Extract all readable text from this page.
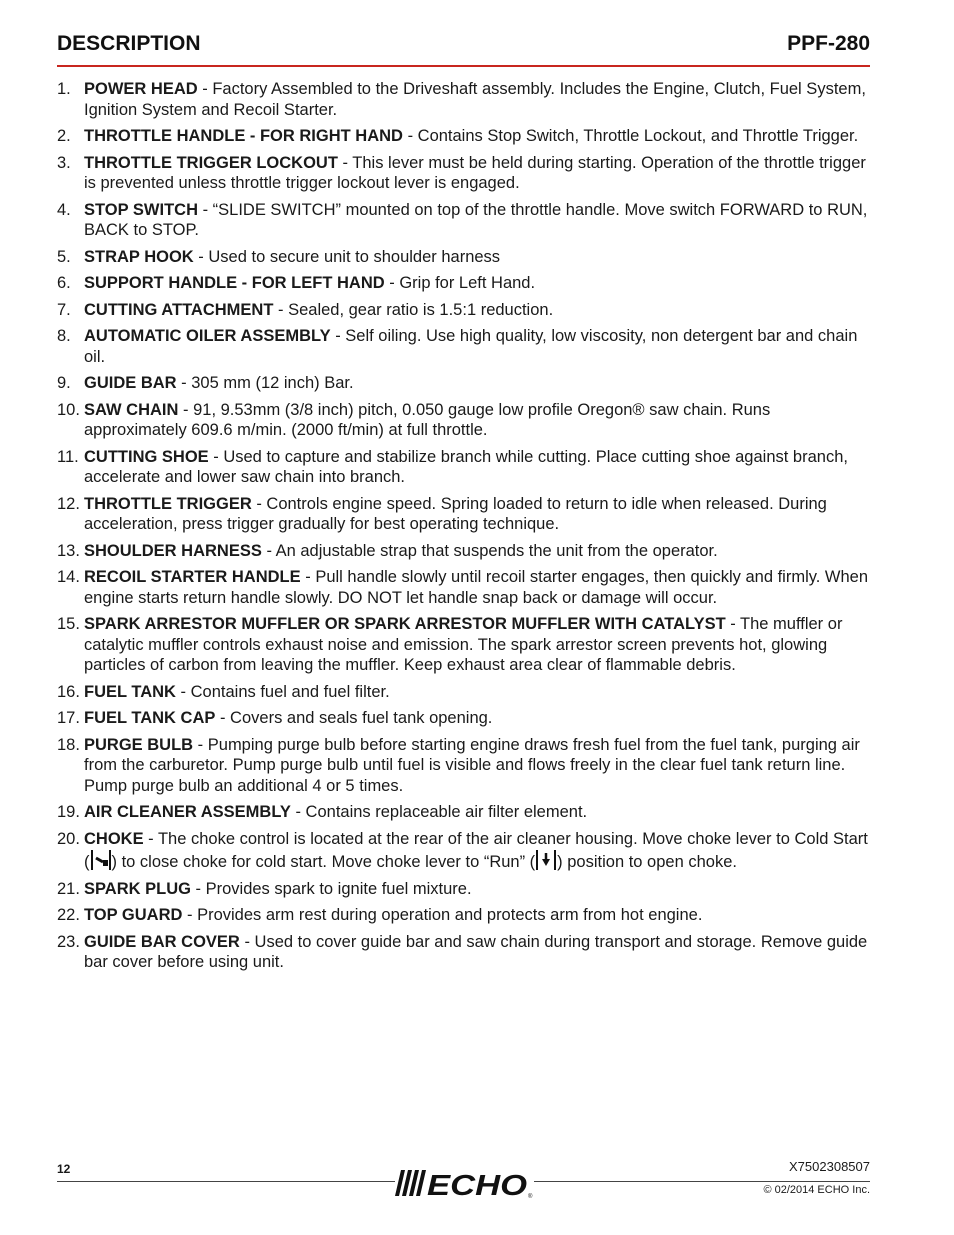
DESCRIPTION	PPF-280
1. POWER HEAD - Factory Assembled to the Driveshaft assembly. Includes the Engine, Clutch, Fuel System, Ignition System and Recoil Starter.
2. THROTTLE HANDLE - FOR RIGHT HAND - Contains Stop Switch, Throttle Lockout, and Throttle Trigger.
3. THROTTLE TRIGGER LOCKOUT - This lever must be held during starting. Operation of the throttle trigger is prevented unless throttle trigger lockout lever is engaged.
4. STOP SWITCH - “SLIDE SWITCH” mounted on top of the throttle handle. Move switch FORWARD to RUN, BACK to STOP.
5. STRAP HOOK - Used to secure unit to shoulder harness
6. SUPPORT HANDLE - FOR LEFT HAND - Grip for Left Hand.
7. CUTTING ATTACHMENT - Sealed, gear ratio is 1.5:1 reduction.
8. AUTOMATIC OILER ASSEMBLY - Self oiling. Use high quality, low viscosity, non detergent bar and chain oil.
9. GUIDE BAR - 305 mm (12 inch) Bar.
10. SAW CHAIN - 91, 9.53mm (3/8 inch) pitch, 0.050 gauge low profile Oregon® saw chain. Runs approximately 609.6 m/min. (2000 ft/min) at full throttle.
11. CUTTING SHOE - Used to capture and stabilize branch while cutting. Place cutting shoe against branch, accelerate and lower saw chain into branch.
12. THROTTLE TRIGGER - Controls engine speed. Spring loaded to return to idle when released. During acceleration, press trigger gradually for best operating technique.
13. SHOULDER HARNESS - An adjustable strap that suspends the unit from the operator.
14. RECOIL STARTER HANDLE - Pull handle slowly until recoil starter engages, then quickly and firmly. When engine starts return handle slowly. DO NOT let handle snap back or damage will occur.
15. SPARK ARRESTOR MUFFLER OR SPARK ARRESTOR MUFFLER WITH CATALYST - The muffler or catalytic muffler controls exhaust noise and emission. The spark arrestor screen prevents hot, glowing particles of carbon from leaving the muffler. Keep exhaust area clear of flammable debris.
16. FUEL TANK - Contains fuel and fuel filter.
17. FUEL TANK CAP - Covers and seals fuel tank opening.
18. PURGE BULB - Pumping purge bulb before starting engine draws fresh fuel from the fuel tank, purging air from the carburetor. Pump purge bulb until fuel is visible and flows freely in the clear fuel tank return line. Pump purge bulb an additional 4 or 5 times.
19. AIR CLEANER ASSEMBLY - Contains replaceable air filter element.
20. CHOKE - The choke control is located at the rear of the air cleaner housing. Move choke lever to Cold Start ( ) to close choke for cold start. Move choke lever to “Run” ( ) position to open choke.
21. SPARK PLUG - Provides spark to ignite fuel mixture.
22. TOP GUARD - Provides arm rest during operation and protects arm from hot engine.
23. GUIDE BAR COVER - Used to cover guide bar and saw chain during transport and storage. Remove guide bar cover before using unit.
12
ECHO ®
X7502308507
© 02/2014 ECHO Inc.
